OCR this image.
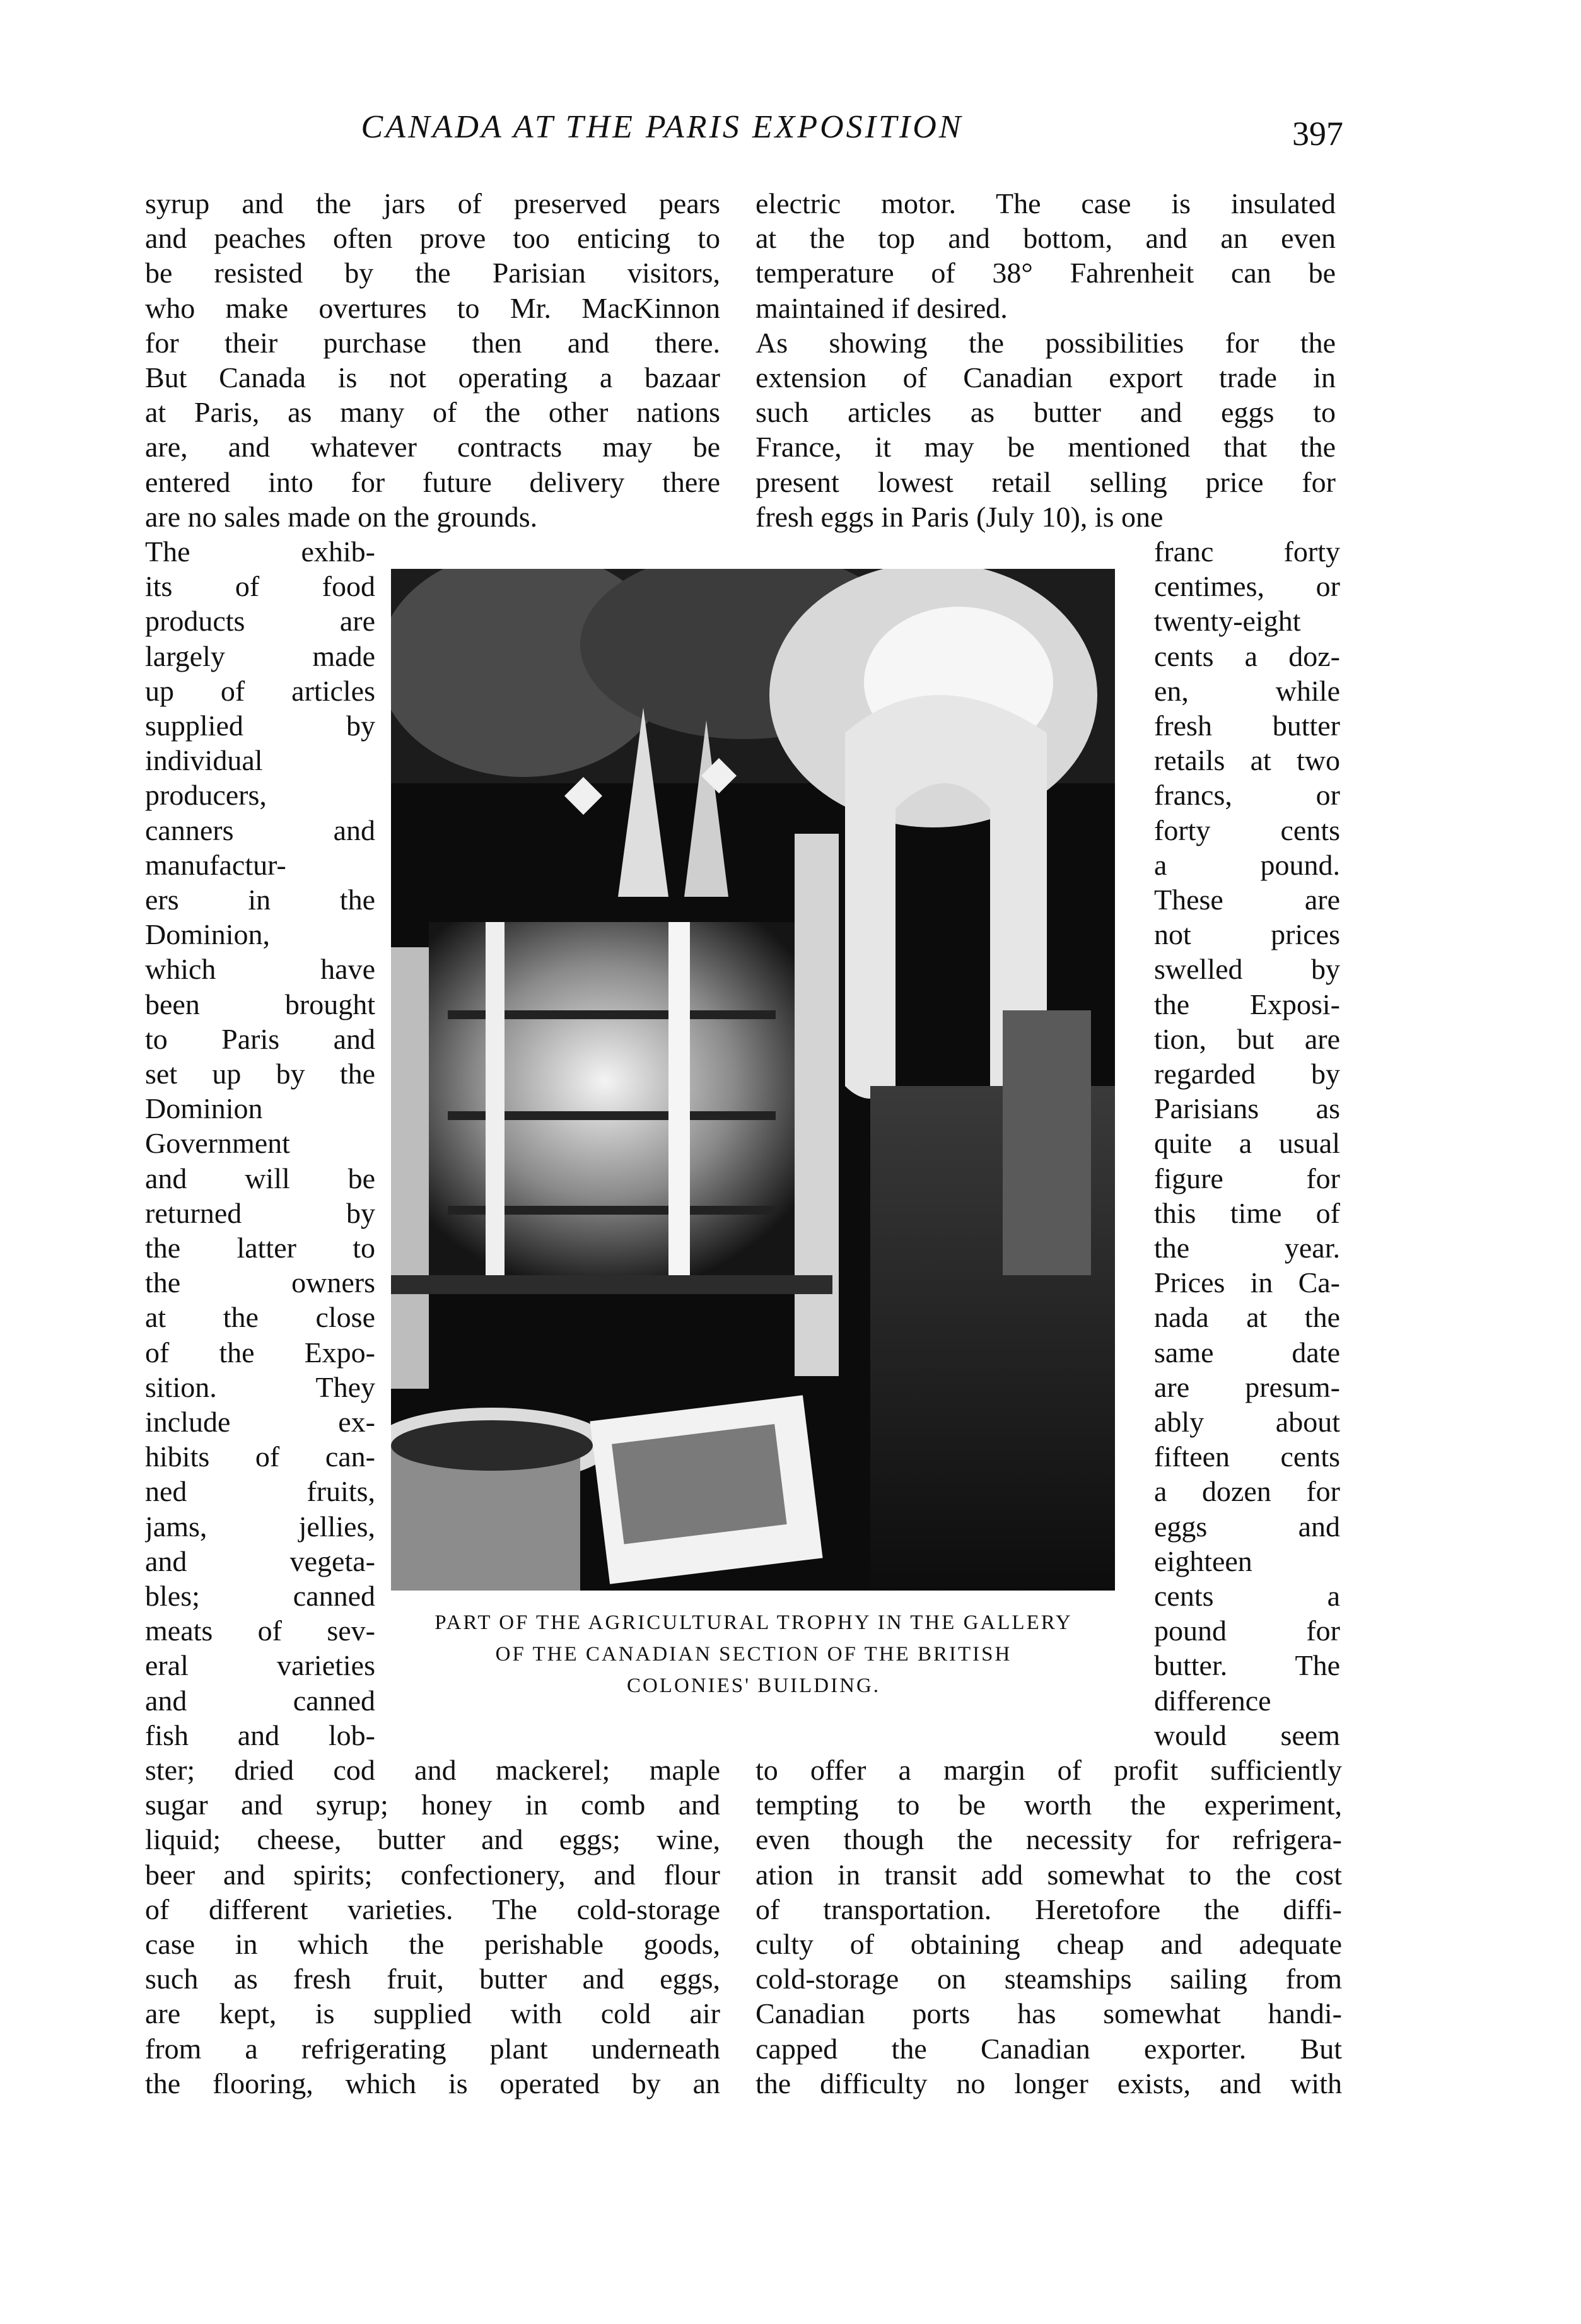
CANADA AT THE PARIS EXPOSITION	397
syrup and the jars of preserved pears
and peaches often prove too enticing to
be resisted by the Parisian visitors,
who make overtures to Mr. MacKinnon
for their purchase then and there.
But Canada is not operating a bazaar
at Paris, as many of the other nations
are, and whatever contracts may be
entered into for future delivery there
are no sales made on the grounds.
electric motor. The case is insulated
at the top and bottom, and an even
temperature of 38° Fahrenheit can be
maintained if desired.
As showing the possibilities for the
extension of Canadian export trade in
such articles as butter and eggs to
France, it may be mentioned that the
present lowest retail selling price for
fresh eggs in Paris (July 10), is one
The exhib-
its of food
products are
largely made
up of articles
supplied by
individual
producers,
canners and
manufactur-
ers in the
Dominion,
which have
been brought
to Paris and
set up by the
Dominion
Government
and will be
returned by
the latter to
the owners
at the close
of the Expo-
sition. They
include ex-
hibits of can-
ned fruits,
jams, jellies,
and vegeta-
bles; canned
meats of sev-
eral varieties
and canned
fish and lob-
franc forty
centimes, or
twenty-eight
cents a doz-
en, while
fresh butter
retails at two
francs, or
forty cents
a pound.
These are
not prices
swelled by
the Exposi-
tion, but are
regarded by
Parisians as
quite a usual
figure for
this time of
the year.
Prices in Ca-
nada at the
same date
are presum-
ably about
fifteen cents
a dozen for
eggs and
eighteen
cents a
pound for
butter. The
difference
would seem
ster; dried cod and mackerel; maple
sugar and syrup; honey in comb and
liquid; cheese, butter and eggs; wine,
beer and spirits; confectionery, and flour
of different varieties. The cold-storage
case in which the perishable goods,
such as fresh fruit, butter and eggs,
are kept, is supplied with cold air
from a refrigerating plant underneath
the flooring, which is operated by an
to offer a margin of profit sufficiently
tempting to be worth the experiment,
even though the necessity for refrigera-
ation in transit add somewhat to the cost
of transportation. Heretofore the diffi-
culty of obtaining cheap and adequate
cold-storage on steamships sailing from
Canadian ports has somewhat handi-
capped the Canadian exporter. But
the difficulty no longer exists, and with
PART OF THE AGRICULTURAL TROPHY IN THE GALLERY
OF THE CANADIAN SECTION OF THE BRITISH
COLONIES' BUILDING.
